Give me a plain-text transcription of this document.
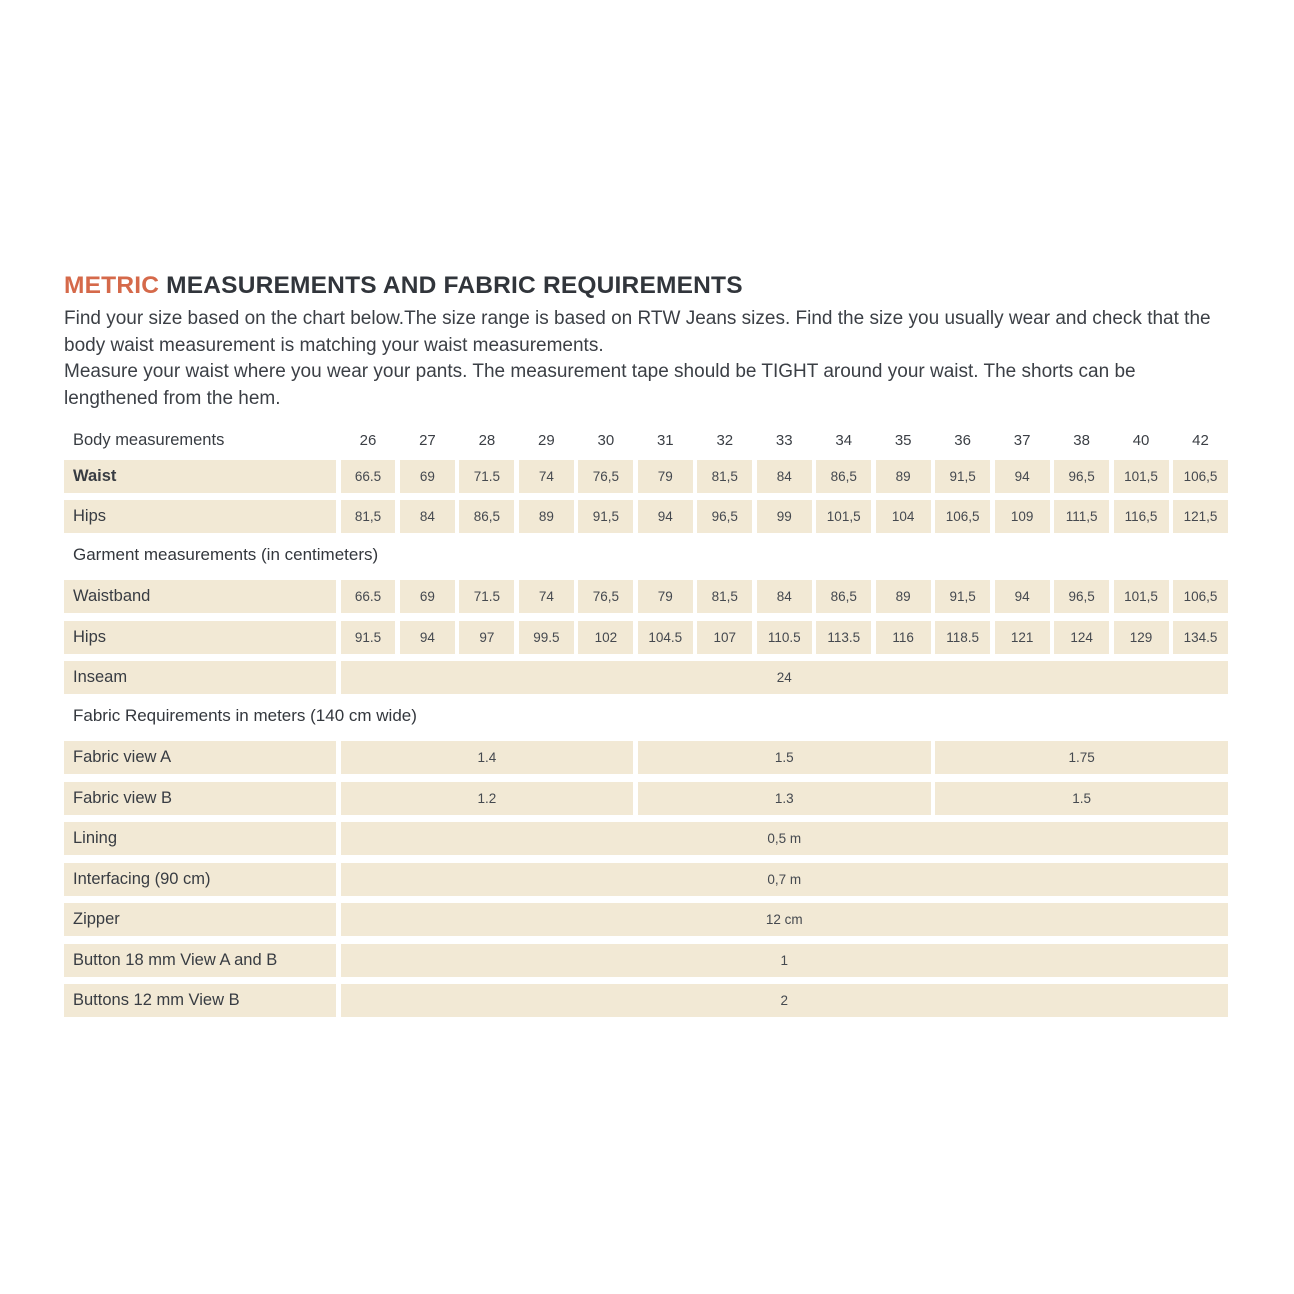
METRIC MEASUREMENTS AND FABRIC REQUIREMENTS

Find your size based on the chart below.The size range is based on RTW Jeans sizes. Find the size you usually wear and check that the body waist measurement is matching your waist measurements.

Measure your waist where you wear your pants. The measurement tape should be TIGHT around your waist. The shorts can be lengthened from the hem.

Body measurements	26	27	28	29	30	31	32	33	34	35	36	37	38	40	42
Waist	66.5	69	71.5	74	76,5	79	81,5	84	86,5	89	91,5	94	96,5	101,5	106,5
Hips	81,5	84	86,5	89	91,5	94	96,5	99	101,5	104	106,5	109	111,5	116,5	121,5
Garment measurements (in centimeters)
Waistband	66.5	69	71.5	74	76,5	79	81,5	84	86,5	89	91,5	94	96,5	101,5	106,5
Hips	91.5	94	97	99.5	102	104.5	107	110.5	113.5	116	118.5	121	124	129	134.5
Inseam	24
Fabric Requirements in meters (140 cm wide)
Fabric view A	1.4	1.5	1.75
Fabric view B	1.2	1.3	1.5
Lining	0,5 m
Interfacing (90 cm)	0,7 m
Zipper	12 cm
Button 18 mm View A and B	1
Buttons 12 mm View B	2
